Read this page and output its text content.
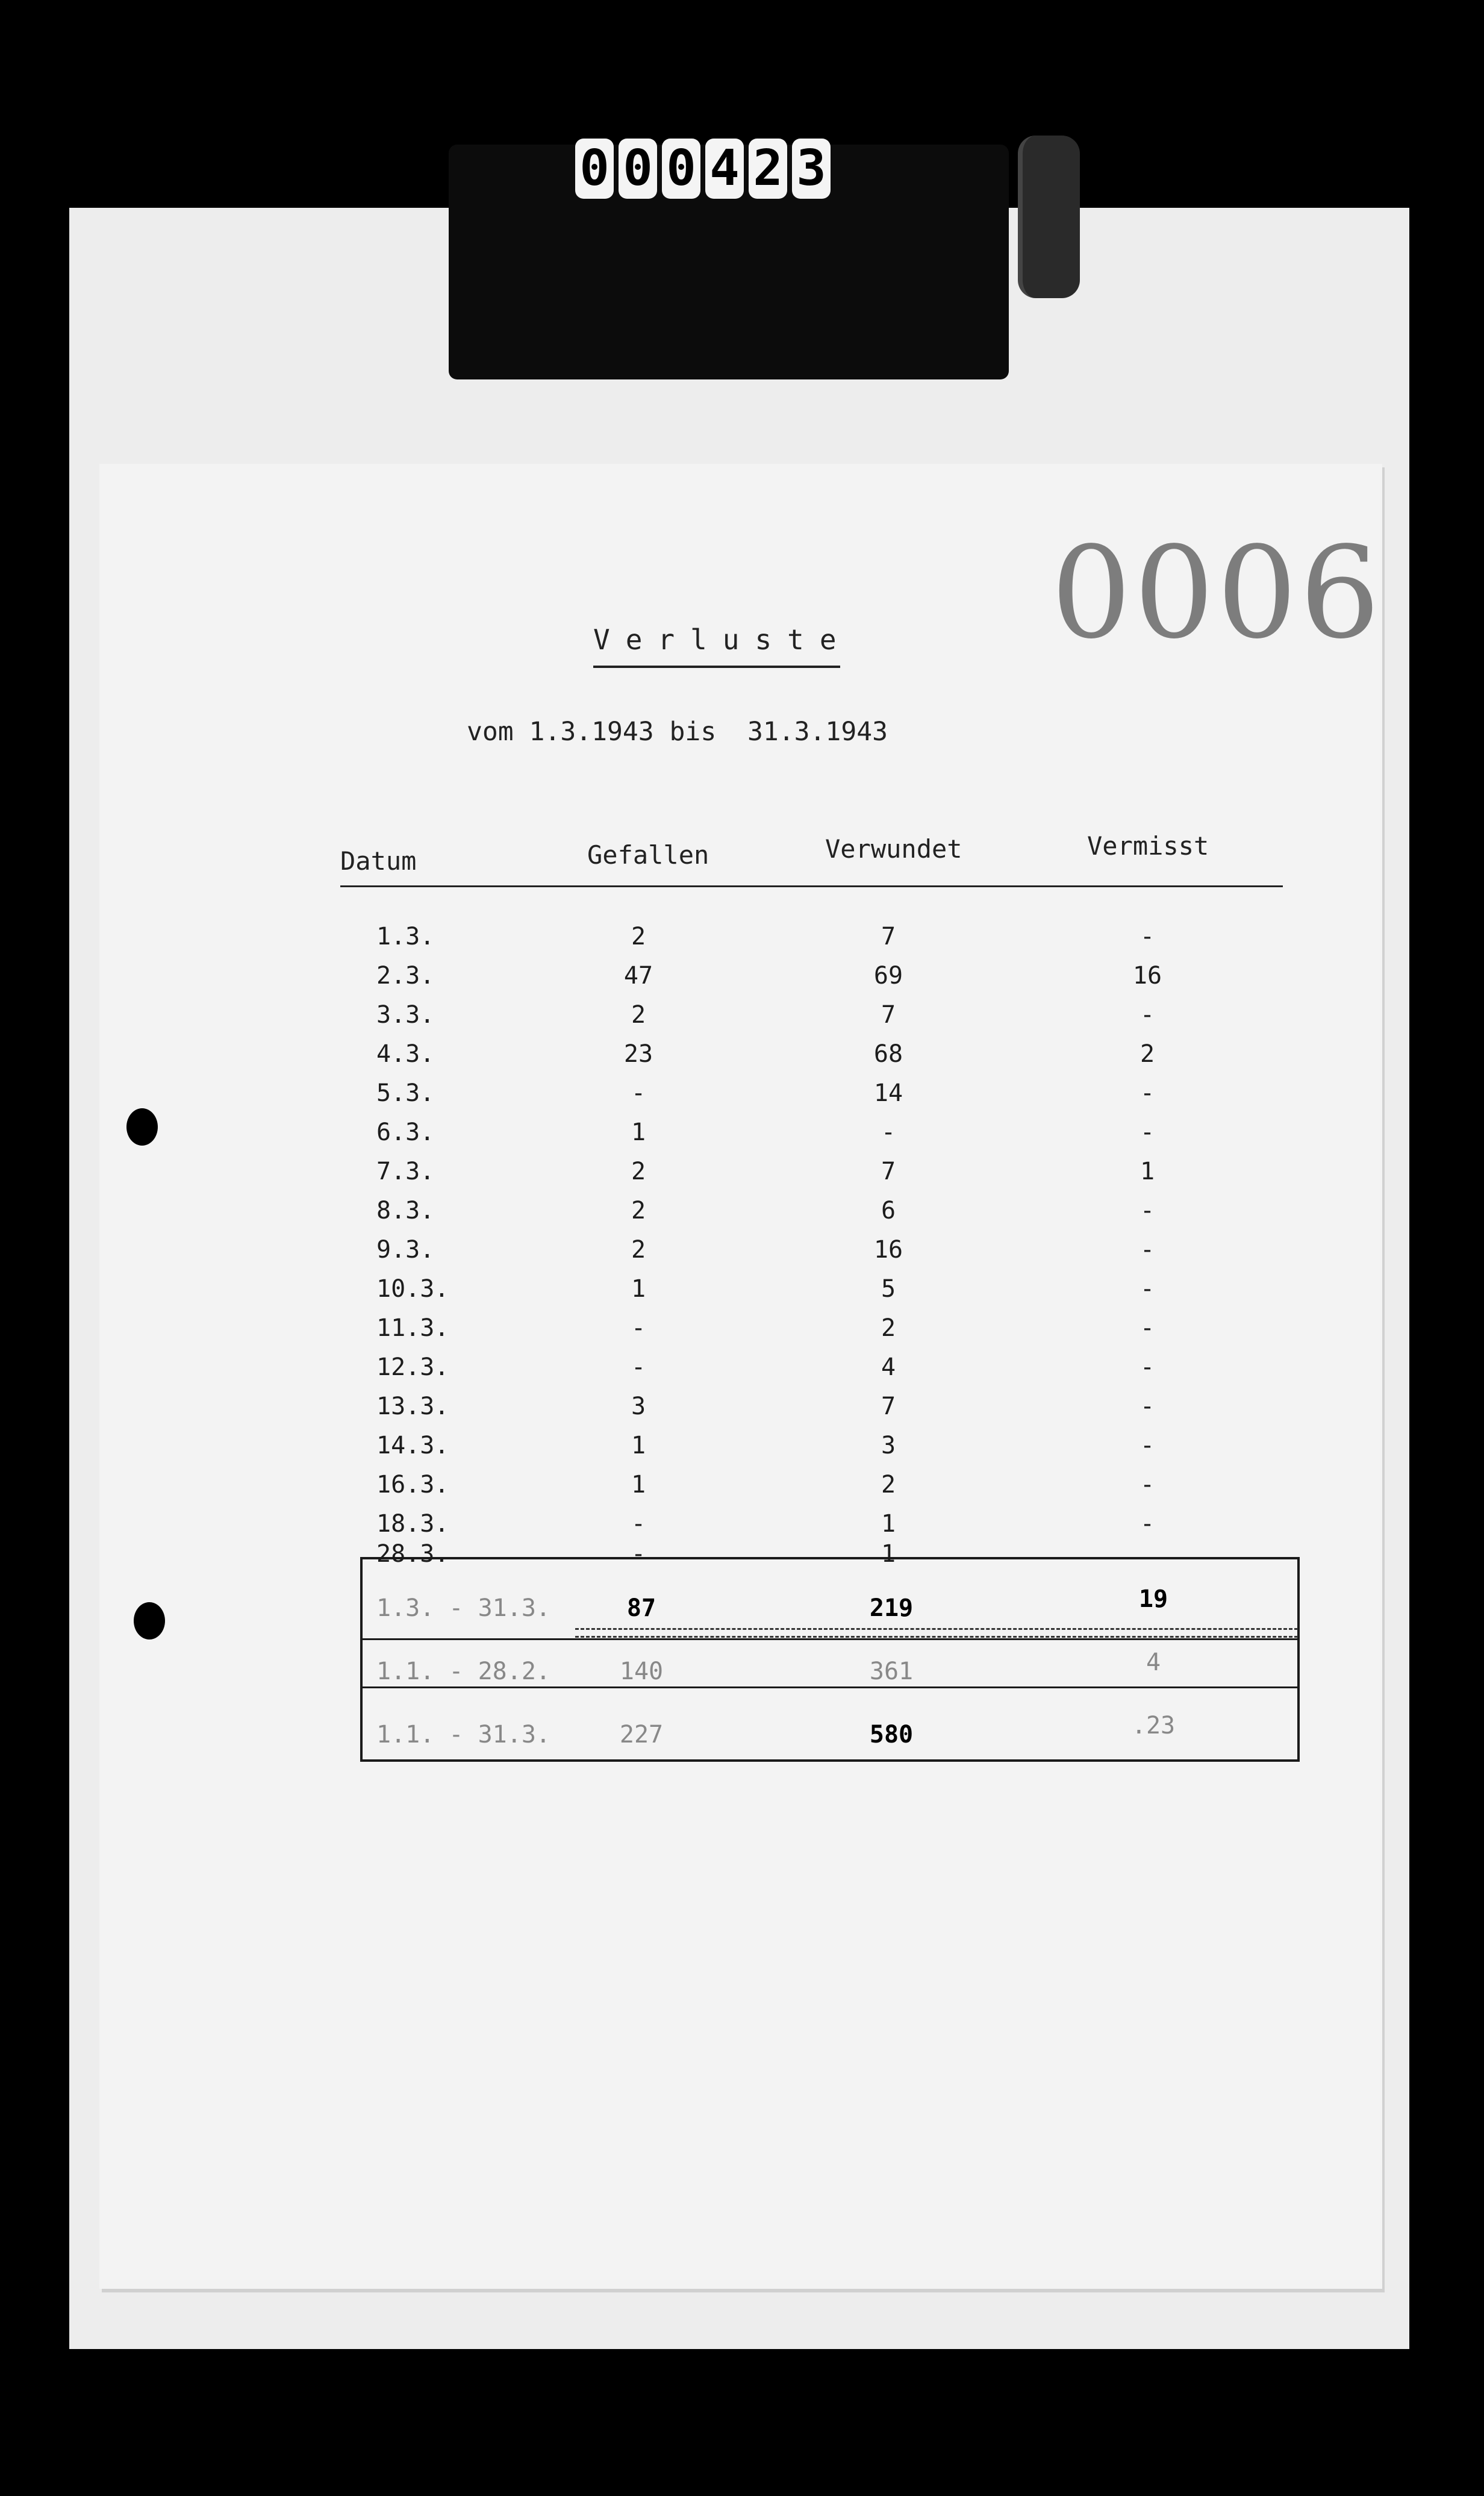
0 0 0 4 2 3
0006
Verluste
vom 1.3.1943 bis  31.3.1943
Datum	Gefallen	Verwundet	Vermisst
1.3.	2	7	-
2.3.	47	69	16
3.3.	2	7	-
4.3.	23	68	2
5.3.	-	14	-
6.3.	1	-	-
7.3.	2	7	1
8.3.	2	6	-
9.3.	2	16	-
10.3.	1	5	-
11.3.	-	2	-
12.3.	-	4	-
13.3.	3	7	-
14.3.	1	3	-
16.3.	1	2	-
18.3.	-	1	-
28.3.	-	1
1.3. - 31.3.	87	219	19
1.1. - 28.2.	140	361	4
1.1. - 31.3.	227	580	.23
